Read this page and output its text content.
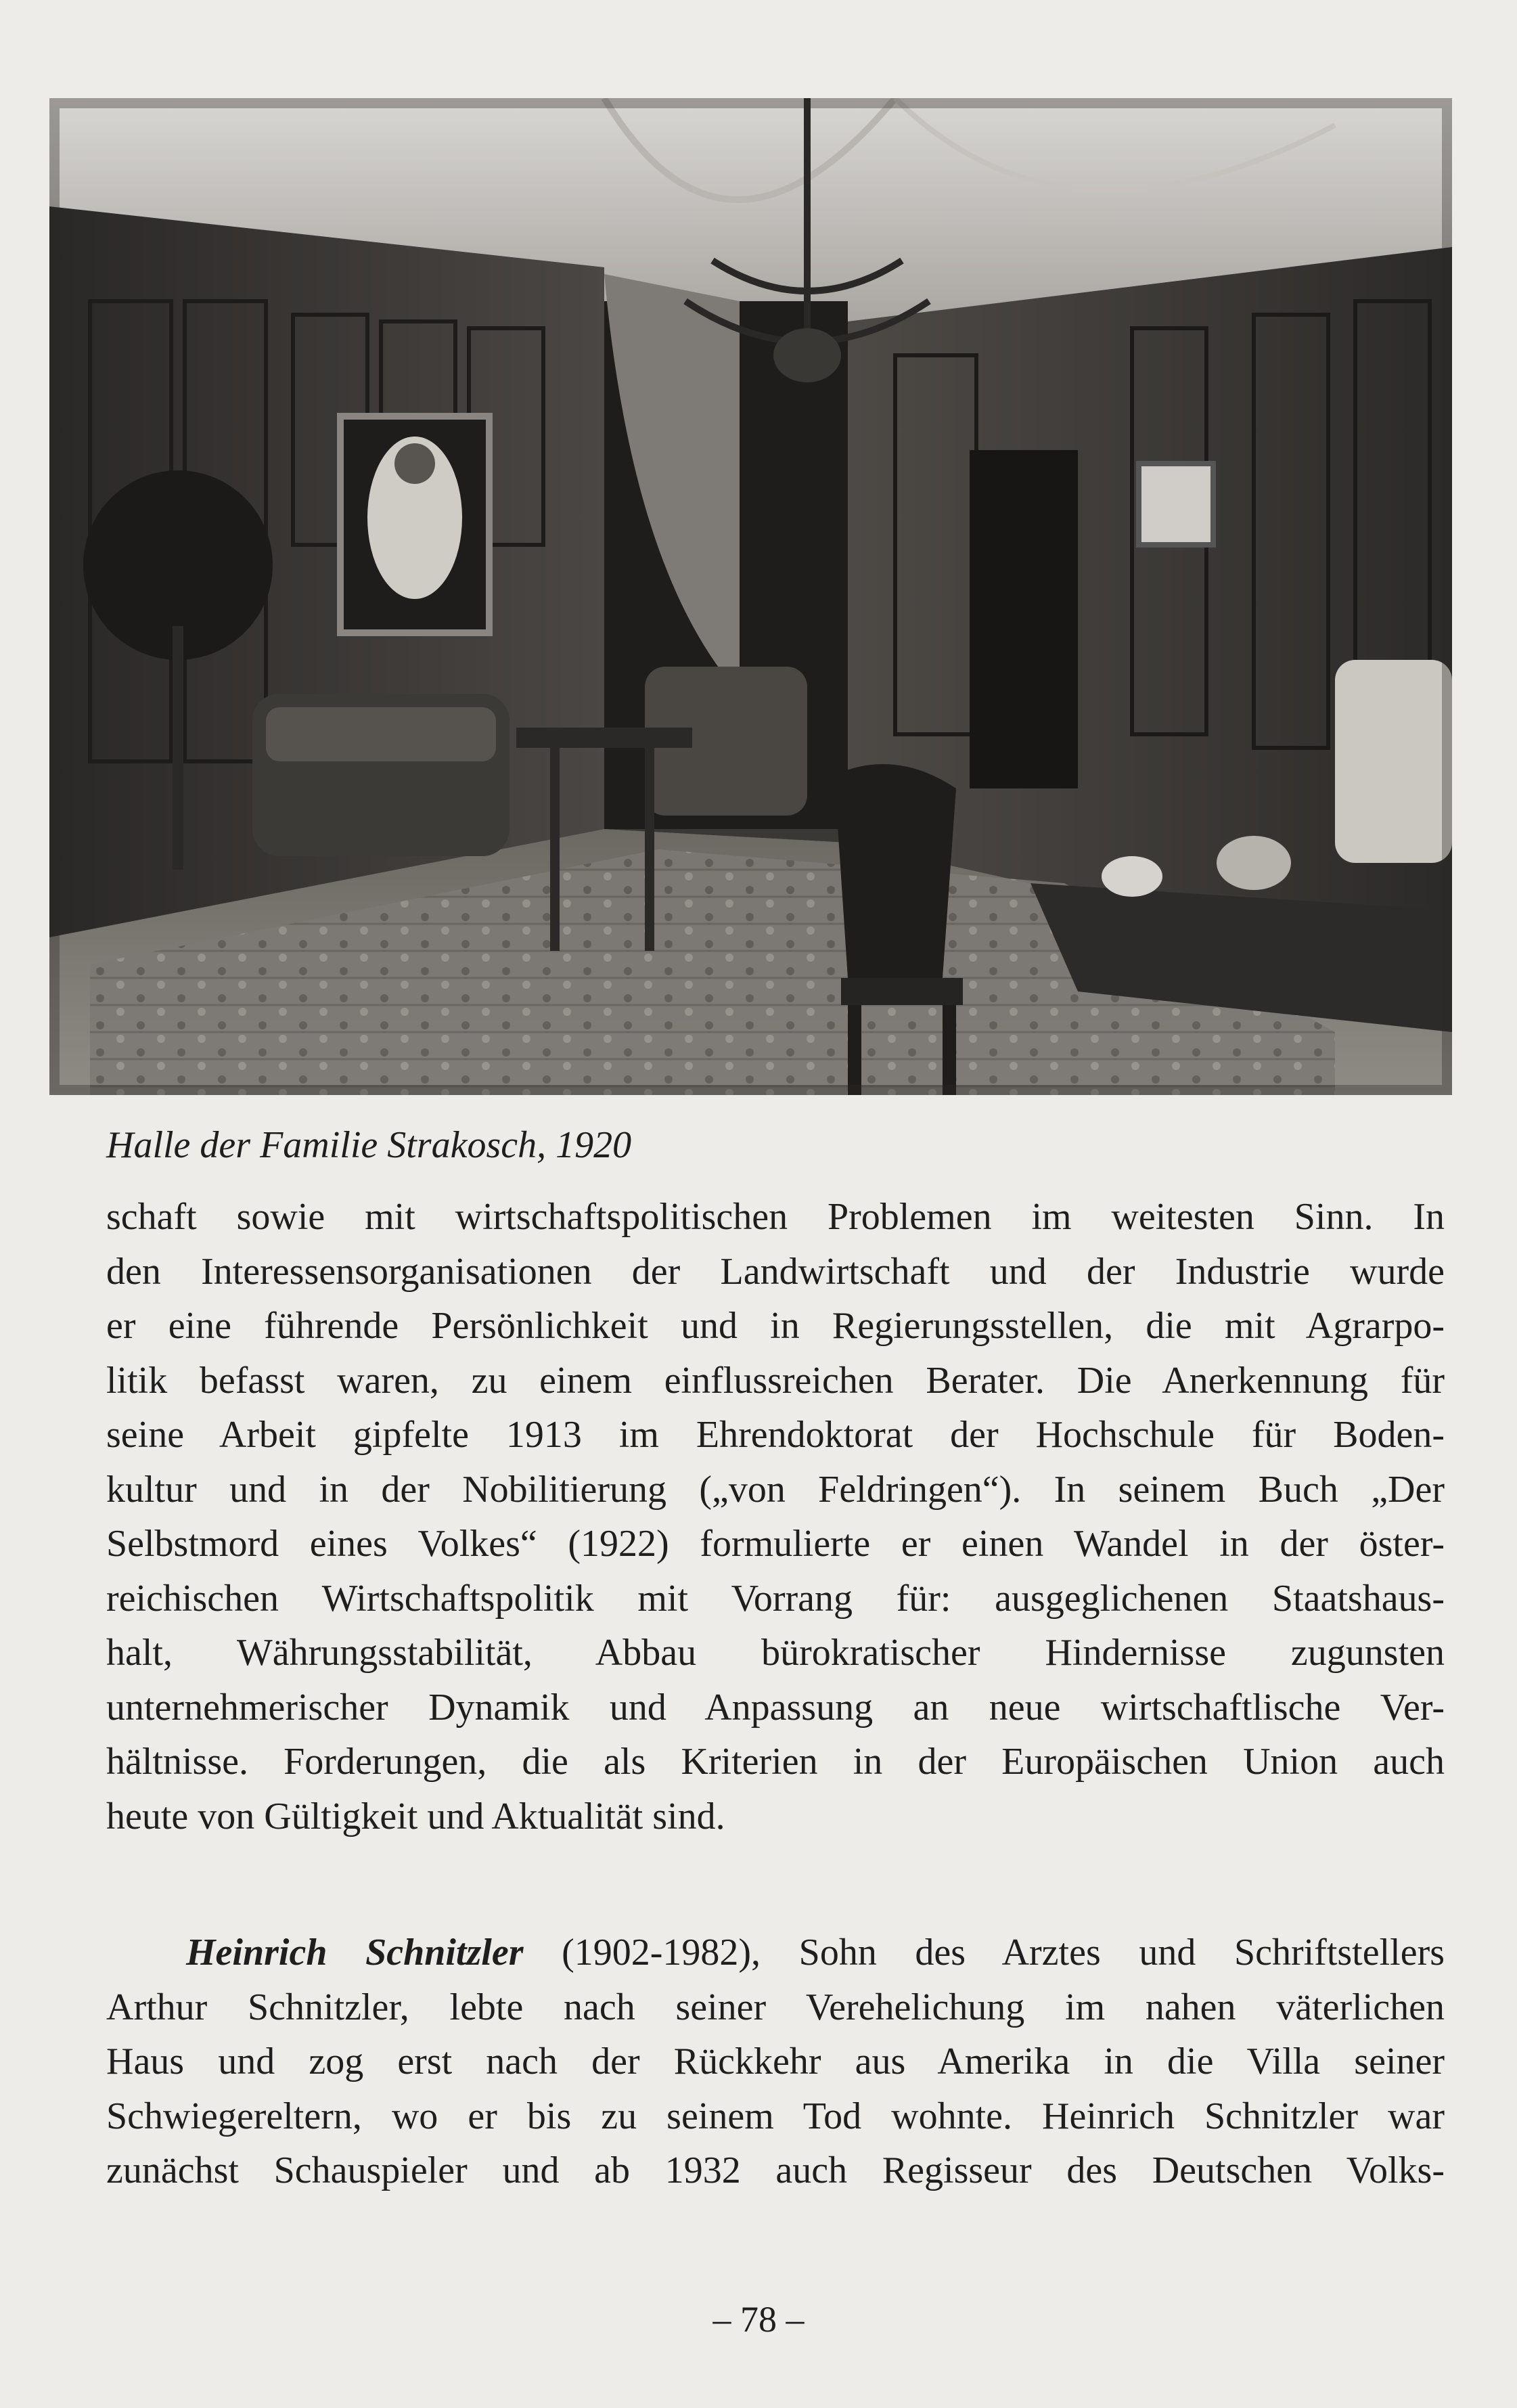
Halle der Familie Strakosch, 1920
schaft sowie mit wirtschaftspolitischen Problemen im weitesten Sinn. In
den Interessensorganisationen der Landwirtschaft und der Industrie wurde
er eine führende Persönlichkeit und in Regierungsstellen, die mit Agrarpo-
litik befasst waren, zu einem einflussreichen Berater. Die Anerkennung für
seine Arbeit gipfelte 1913 im Ehrendoktorat der Hochschule für Boden-
kultur und in der Nobilitierung („von Feldringen“). In seinem Buch „Der
Selbstmord eines Volkes“ (1922) formulierte er einen Wandel in der öster-
reichischen Wirtschaftspolitik mit Vorrang für: ausgeglichenen Staatshaus-
halt, Währungsstabilität, Abbau bürokratischer Hindernisse zugunsten
unternehmerischer Dynamik und Anpassung an neue wirtschaftlische Ver-
hältnisse. Forderungen, die als Kriterien in der Europäischen Union auch
heute von Gültigkeit und Aktualität sind.
Heinrich Schnitzler (1902-1982), Sohn des Arztes und Schriftstellers
Arthur Schnitzler, lebte nach seiner Verehelichung im nahen väterlichen
Haus und zog erst nach der Rückkehr aus Amerika in die Villa seiner
Schwiegereltern, wo er bis zu seinem Tod wohnte. Heinrich Schnitzler war
zunächst Schauspieler und ab 1932 auch Regisseur des Deutschen Volks-
– 78 –
